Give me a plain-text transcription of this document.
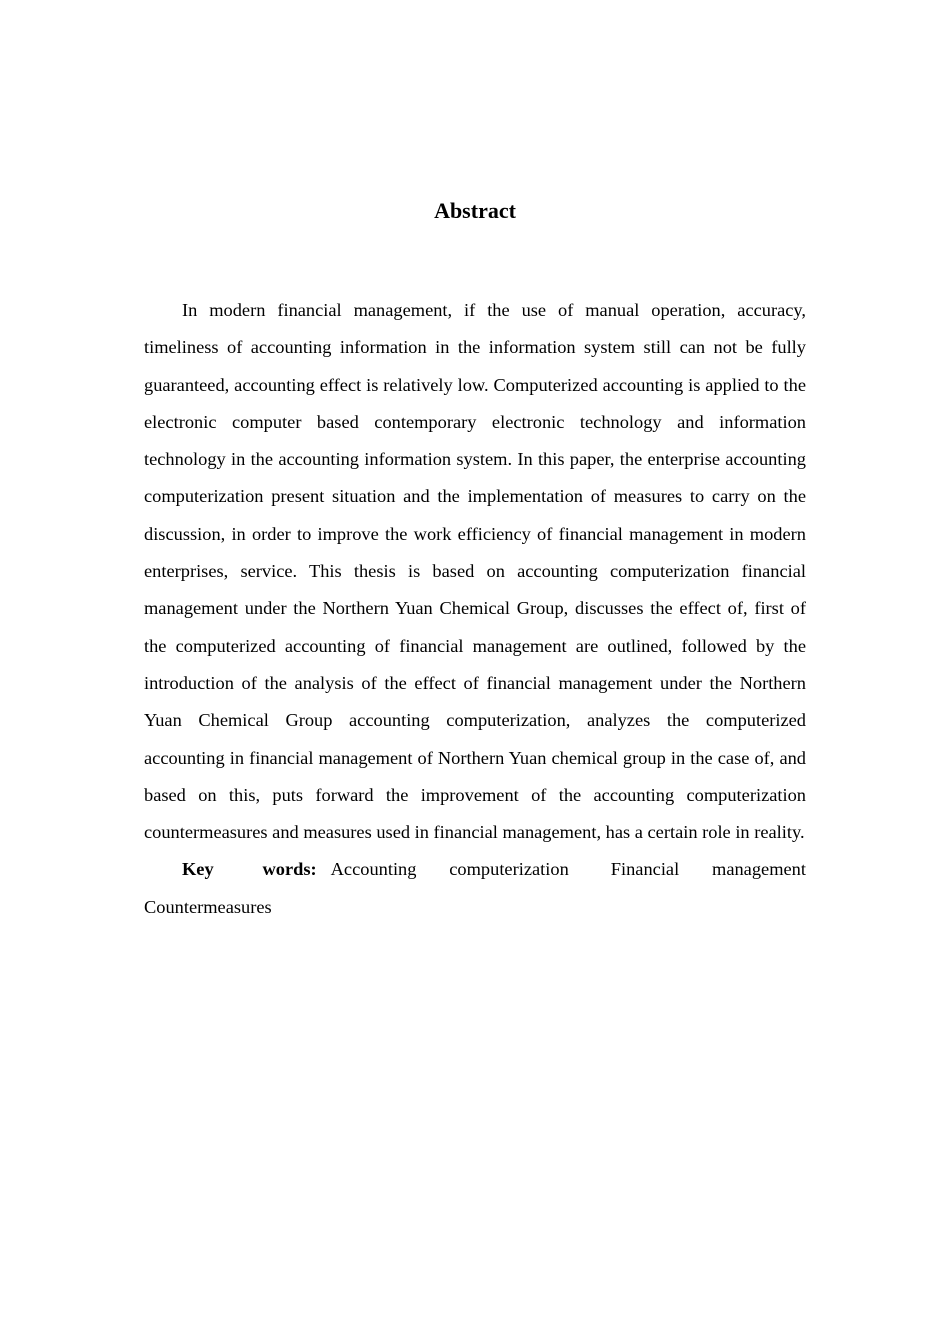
Abstract

In modern financial management, if the use of manual operation, accuracy, timeliness of accounting information in the information system still can not be fully guaranteed, accounting effect is relatively low. Computerized accounting is applied to the electronic computer based contemporary electronic technology and information technology in the accounting information system. In this paper, the enterprise accounting computerization present situation and the implementation of measures to carry on the discussion, in order to improve the work efficiency of financial management in modern enterprises, service. This thesis is based on accounting computerization financial management under the Northern Yuan Chemical Group, discusses the effect of, first of the computerized accounting of financial management are outlined, followed by the introduction of the analysis of the effect of financial management under the Northern Yuan Chemical Group accounting computerization, analyzes the computerized accounting in financial management of Northern Yuan chemical group in the case of, and based on this, puts forward the improvement of the accounting computerization countermeasures and measures used in financial management, has a certain role in reality.

Key words: Accounting computerization Financial management Countermeasures
